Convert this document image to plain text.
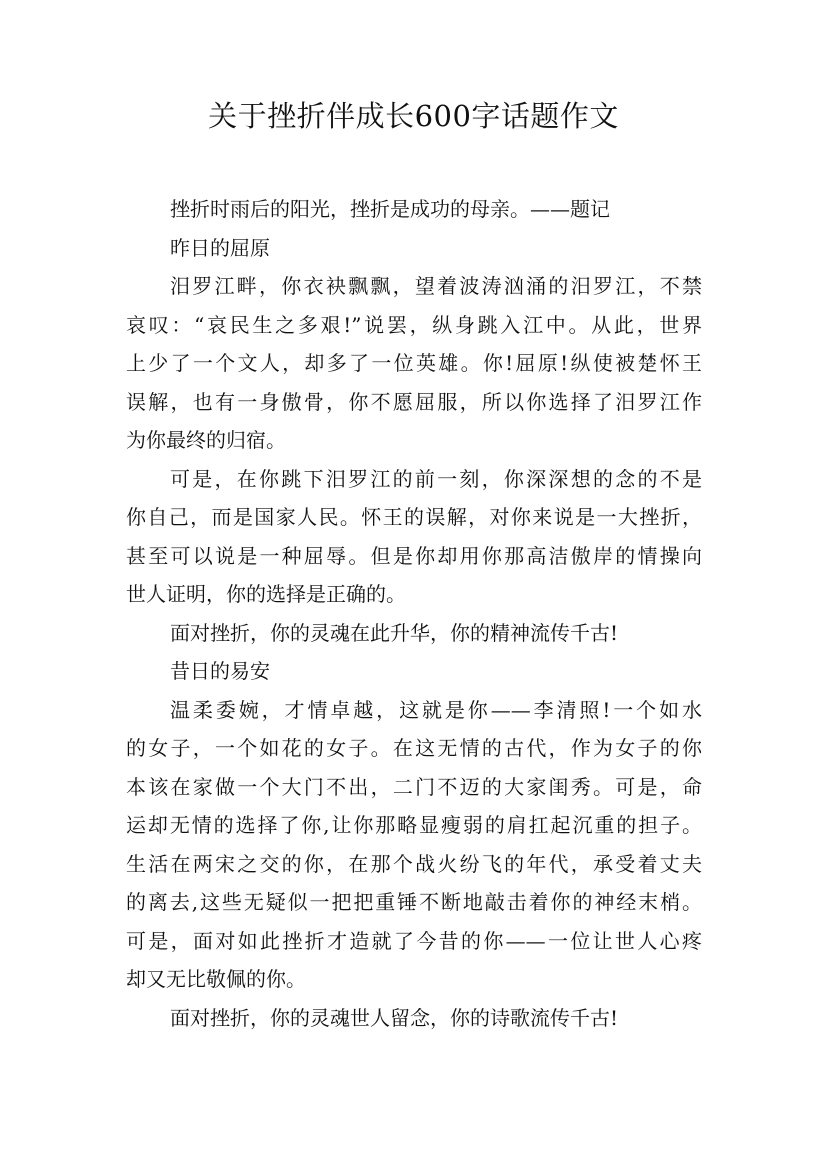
关于挫折伴成长600字话题作文
挫折时雨后的阳光，挫折是成功的母亲。——题记
昨日的屈原
汨罗江畔，你衣袂飘飘，望着波涛汹涌的汨罗江，不禁
哀叹：“哀民生之多艰!”说罢，纵身跳入江中。从此，世界
上少了一个文人，却多了一位英雄。你!屈原!纵使被楚怀王
误解，也有一身傲骨，你不愿屈服，所以你选择了汨罗江作
为你最终的归宿。
可是，在你跳下汨罗江的前一刻，你深深想的念的不是
你自己，而是国家人民。怀王的误解，对你来说是一大挫折，
甚至可以说是一种屈辱。但是你却用你那高洁傲岸的情操向
世人证明，你的选择是正确的。
面对挫折，你的灵魂在此升华，你的精神流传千古!
昔日的易安
温柔委婉，才情卓越，这就是你——李清照!一个如水
的女子，一个如花的女子。在这无情的古代，作为女子的你
本该在家做一个大门不出，二门不迈的大家闺秀。可是，命
运却无情的选择了你,让你那略显瘦弱的肩扛起沉重的担子。
生活在两宋之交的你，在那个战火纷飞的年代，承受着丈夫
的离去,这些无疑似一把把重锤不断地敲击着你的神经末梢。
可是，面对如此挫折才造就了今昔的你——一位让世人心疼
却又无比敬佩的你。
面对挫折，你的灵魂世人留念，你的诗歌流传千古!
